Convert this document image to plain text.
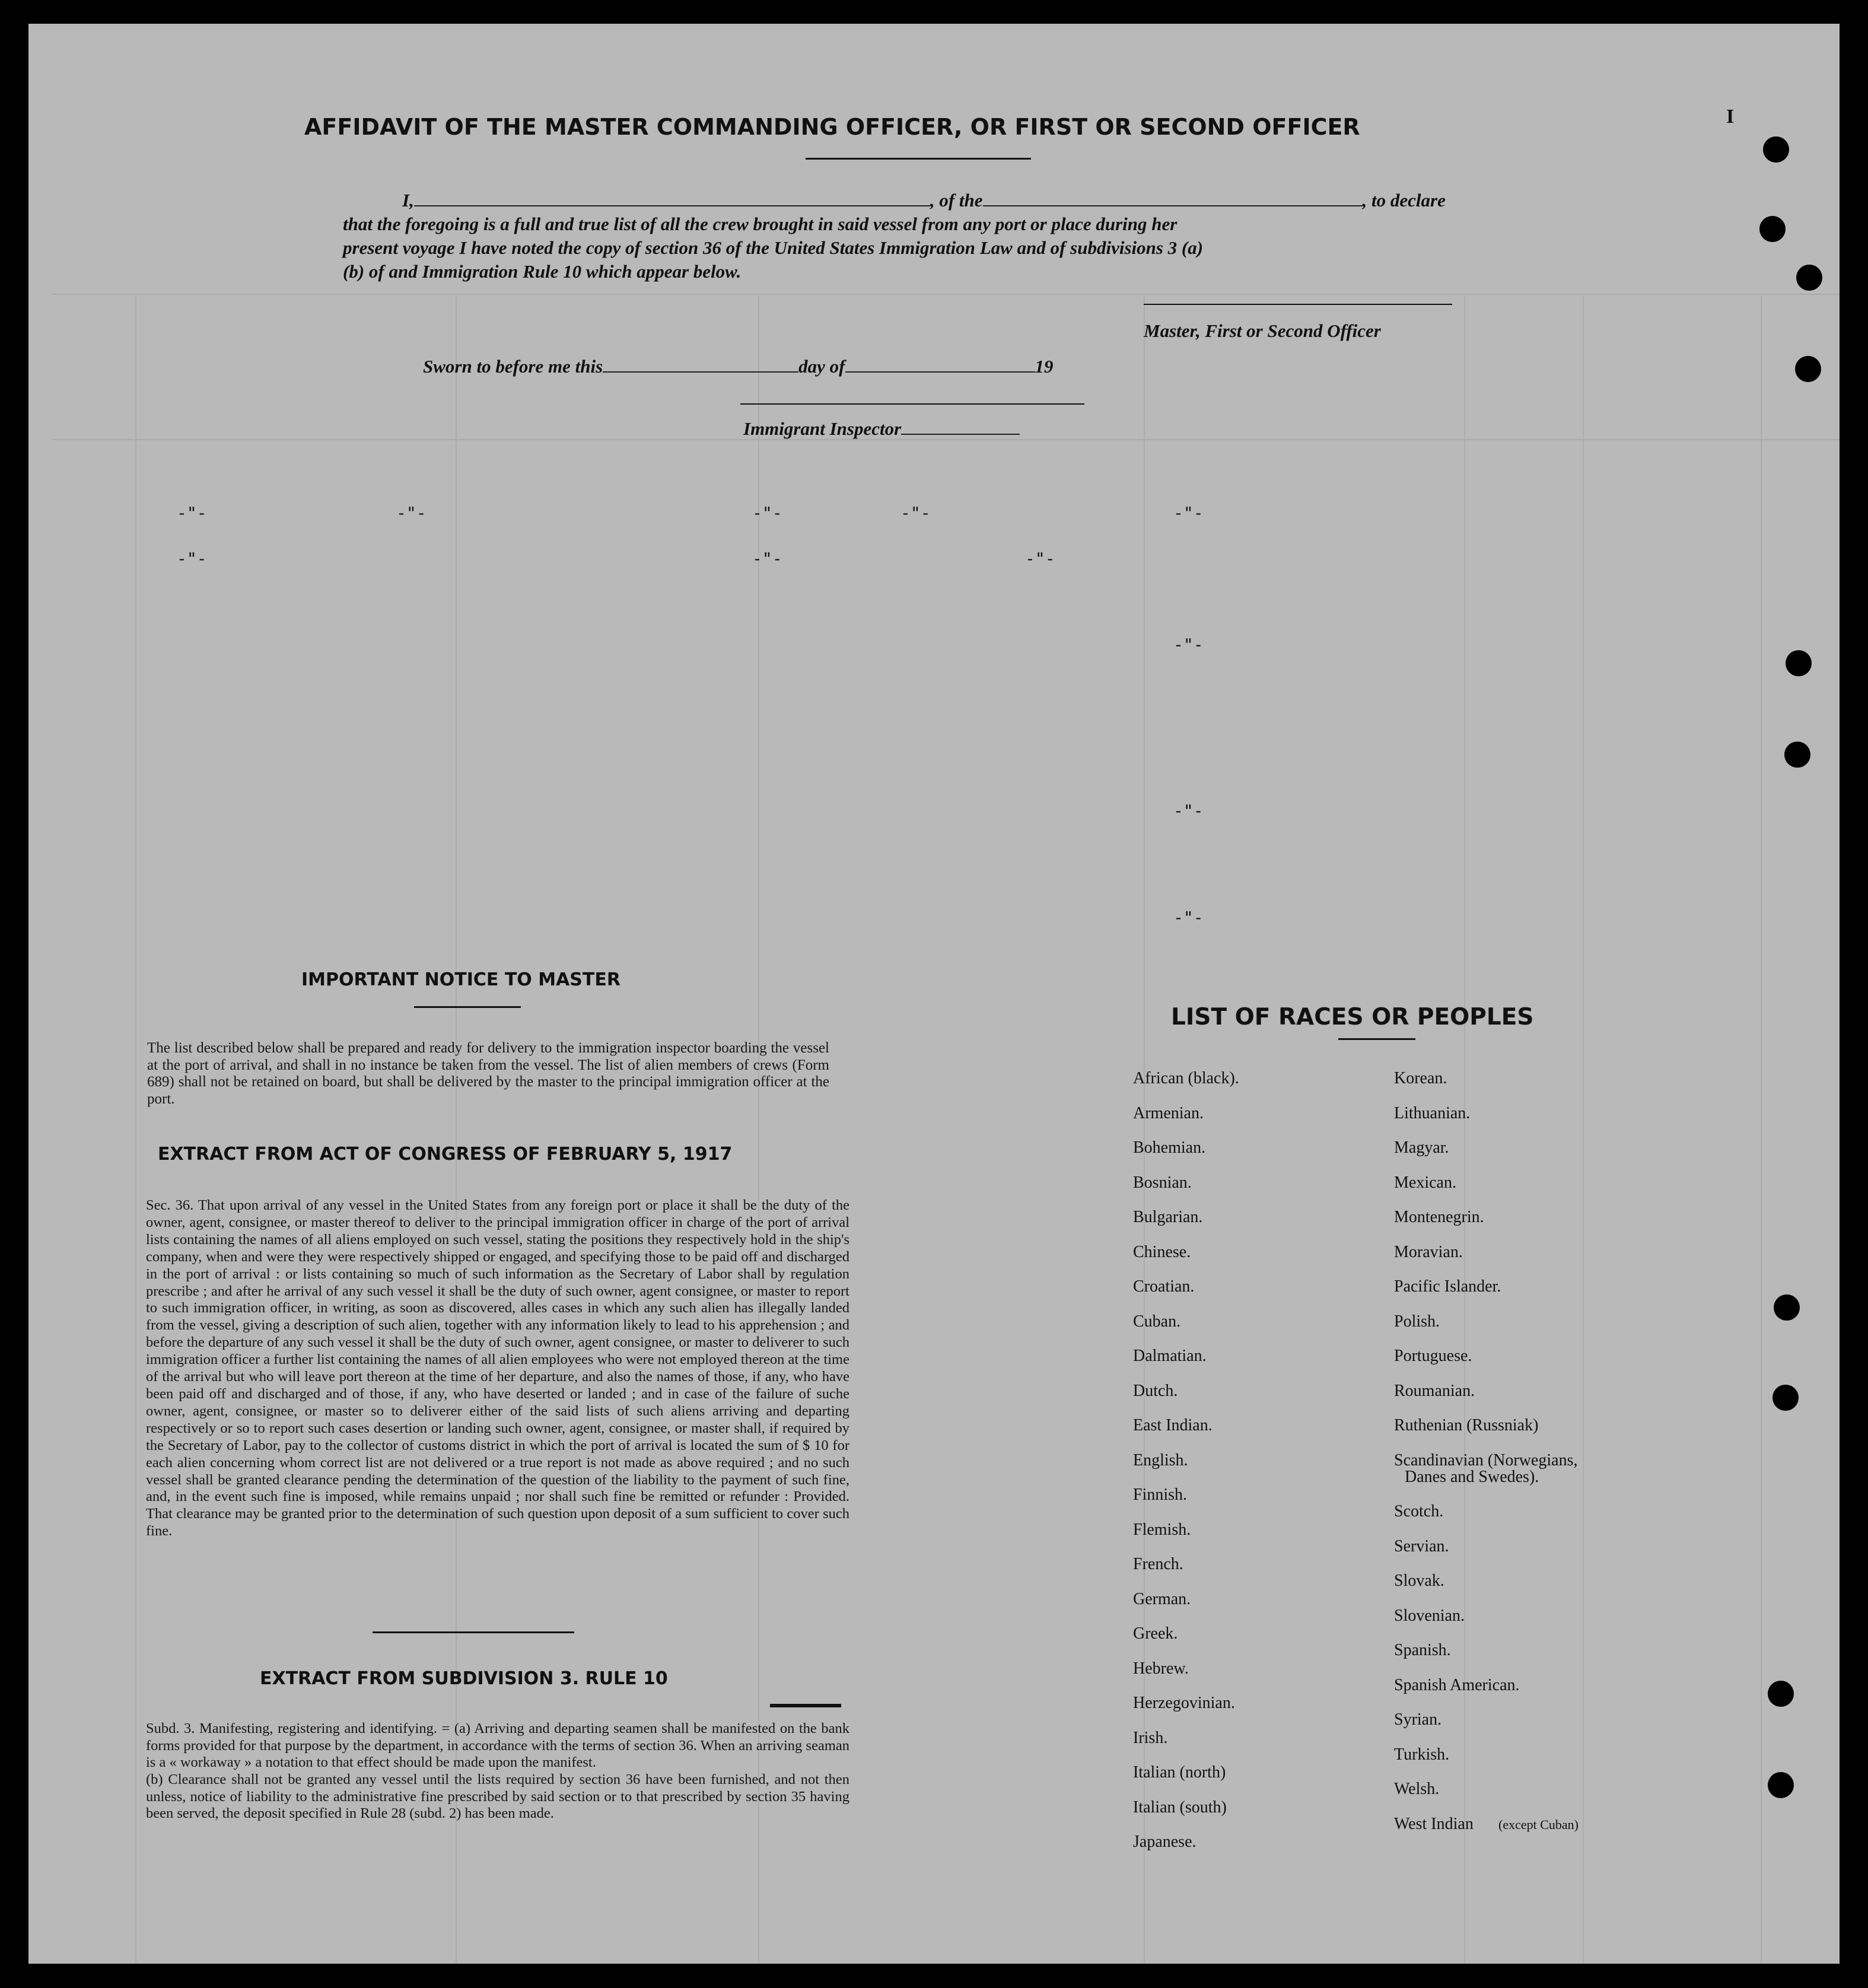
AFFIDAVIT OF THE MASTER COMMANDING OFFICER, OR FIRST OR SECOND OFFICER
I,	, of the	, to declare
that the foregoing is a full and true list of all the crew brought in said vessel from any port or place during her
present voyage I have noted the copy of section 36 of the United States Immigration Law and of subdivisions 3 (a)
(b) of and Immigration Rule 10 which appear below.
Master, First or Second Officer
Sworn to before me this	day of	19
Immigrant Inspector
-"-	-"-	-"-	-"-	-"-
-"-	-"-	-"-
-"-
-"-
-"-
IMPORTANT NOTICE TO MASTER
The list described below shall be prepared and ready for delivery to the immigration inspector boarding the vessel at the port of arrival, and shall in no instance be taken from the vessel. The list of alien members of crews (Form 689) shall not be retained on board, but shall be delivered by the master to the principal immigration officer at the port.
EXTRACT FROM ACT OF CONGRESS OF FEBRUARY 5, 1917
Sec. 36. That upon arrival of any vessel in the United States from any foreign port or place it shall be the duty of the owner, agent, consignee, or master thereof to deliver to the principal immigration officer in charge of the port of arrival lists containing the names of all aliens employed on such vessel, stating the positions they respectively hold in the ship's company, when and were they were respectively shipped or engaged, and specifying those to be paid off and discharged in the port of arrival : or lists containing so much of such information as the Secretary of Labor shall by regulation prescribe ; and after he arrival of any such vessel it shall be the duty of such owner, agent consignee, or master to report to such immigration officer, in writing, as soon as discovered, alles cases in which any such alien has illegally landed from the vessel, giving a description of such alien, together with any information likely to lead to his apprehension ; and before the departure of any such vessel it shall be the duty of such owner, agent consignee, or master to deliverer to such immigration officer a further list containing the names of all alien employees who were not employed thereon at the time of the arrival but who will leave port thereon at the time of her departure, and also the names of those, if any, who have been paid off and discharged and of those, if any, who have deserted or landed ; and in case of the failure of suche owner, agent, consignee, or master so to deliverer either of the said lists of such aliens arriving and departing respectively or so to report such cases desertion or landing such owner, agent, consignee, or master shall, if required by the Secretary of Labor, pay to the collector of customs district in which the port of arrival is located the sum of $ 10 for each alien concerning whom correct list are not delivered or a true report is not made as above required ; and no such vessel shall be granted clearance pending the determination of the question of the liability to the payment of such fine, and, in the event such fine is imposed, while remains unpaid ; nor shall such fine be remitted or refunder : Provided. That clearance may be granted prior to the determination of such question upon deposit of a sum sufficient to cover such fine.
EXTRACT FROM SUBDIVISION 3. RULE 10
Subd. 3. Manifesting, registering and identifying. = (a) Arriving and departing seamen shall be manifested on the bank forms provided for that purpose by the department, in accordance with the terms of section 36. When an arriving seaman is a « workaway » a notation to that effect should be made upon the manifest.
(b) Clearance shall not be granted any vessel until the lists required by section 36 have been furnished, and not then unless, notice of liability to the administrative fine prescribed by said section or to that prescribed by section 35 having been served, the deposit specified in Rule 28 (subd. 2) has been made.
LIST OF RACES OR PEOPLES
I
African (black).
Armenian.
Bohemian.
Bosnian.
Bulgarian.
Chinese.
Croatian.
Cuban.
Dalmatian.
Dutch.
East Indian.
English.
Finnish.
Flemish.
French.
German.
Greek.
Hebrew.
Herzegovinian.
Irish.
Italian (north)
Italian (south)
Japanese.
Korean.
Lithuanian.
Magyar.
Mexican.
Montenegrin.
Moravian.
Pacific Islander.
Polish.
Portuguese.
Roumanian.
Ruthenian (Russniak)
Scandinavian (Norwegians,
Danes and Swedes).
Scotch.
Servian.
Slovak.
Slovenian.
Spanish.
Spanish American.
Syrian.
Turkish.
Welsh.
West Indian (except Cuban)
